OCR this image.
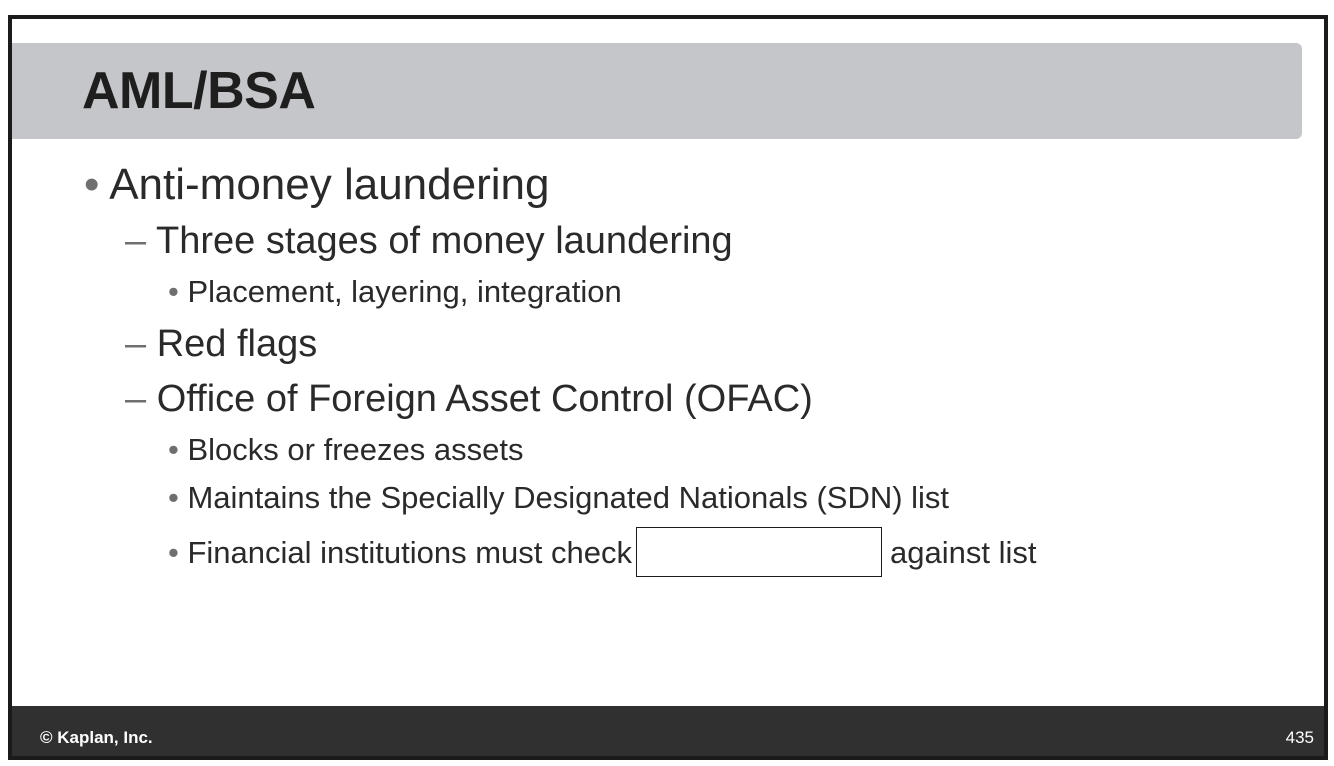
AML/BSA
• Anti-money laundering
– Three stages of money laundering
• Placement, layering, integration
– Red flags
– Office of Foreign Asset Control (OFAC)
• Blocks or freezes assets
• Maintains the Specially Designated Nationals (SDN) list
• Financial institutions must check	against list
© Kaplan, Inc.	435
